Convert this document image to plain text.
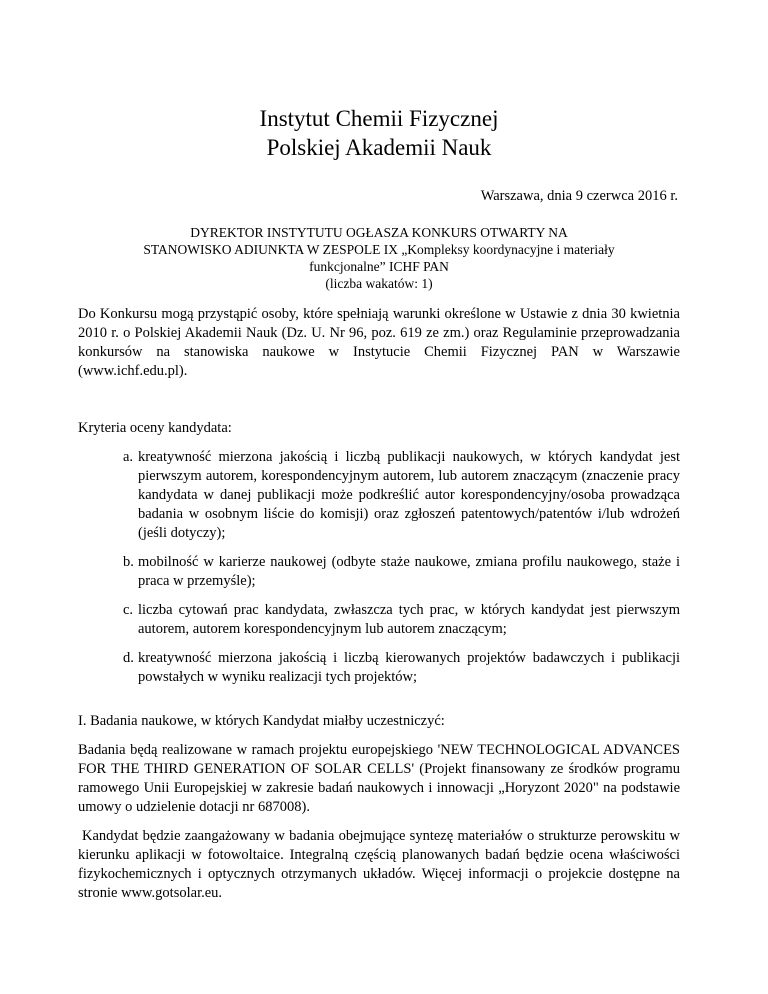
Instytut Chemii Fizycznej
Polskiej Akademii Nauk
Warszawa, dnia 9 czerwca 2016 r.
DYREKTOR INSTYTUTU OGŁASZA KONKURS OTWARTY NA
STANOWISKO ADIUNKTA W ZESPOLE IX „Kompleksy koordynacyjne i materiały
funkcjonalne” ICHF PAN
(liczba wakatów: 1)

Do Konkursu mogą przystąpić osoby, które spełniają warunki określone w Ustawie z dnia 30 kwietnia 2010 r. o Polskiej Akademii Nauk (Dz. U. Nr 96, poz. 619 ze zm.) oraz Regulaminie przeprowadzania konkursów na stanowiska naukowe w Instytucie Chemii Fizycznej PAN w Warszawie (www.ichf.edu.pl).

Kryteria oceny kandydata:
a. kreatywność mierzona jakością i liczbą publikacji naukowych, w których kandydat jest pierwszym autorem, korespondencyjnym autorem, lub autorem znaczącym (znaczenie pracy kandydata w danej publikacji może podkreślić autor korespondencyjny/osoba prowadząca badania w osobnym liście do komisji) oraz zgłoszeń patentowych/patentów i/lub wdrożeń (jeśli dotyczy);
b. mobilność w karierze naukowej (odbyte staże naukowe, zmiana profilu naukowego, staże i praca w przemyśle);
c. liczba cytowań prac kandydata, zwłaszcza tych prac, w których kandydat jest pierwszym autorem, autorem korespondencyjnym lub autorem znaczącym;
d. kreatywność mierzona jakością i liczbą kierowanych projektów badawczych i publikacji powstałych w wyniku realizacji tych projektów;
I. Badania naukowe, w których Kandydat miałby uczestniczyć:

Badania będą realizowane w ramach projektu europejskiego 'NEW TECHNOLOGICAL ADVANCES FOR THE THIRD GENERATION OF SOLAR CELLS' (Projekt finansowany ze środków programu ramowego Unii Europejskiej w zakresie badań naukowych i innowacji „Horyzont 2020" na podstawie umowy o udzielenie dotacji nr 687008).

Kandydat będzie zaangażowany w badania obejmujące syntezę materiałów o strukturze perowskitu w kierunku aplikacji w fotowoltaice. Integralną częścią planowanych badań będzie ocena właściwości fizykochemicznych i optycznych otrzymanych układów. Więcej informacji o projekcie dostępne na stronie www.gotsolar.eu.
